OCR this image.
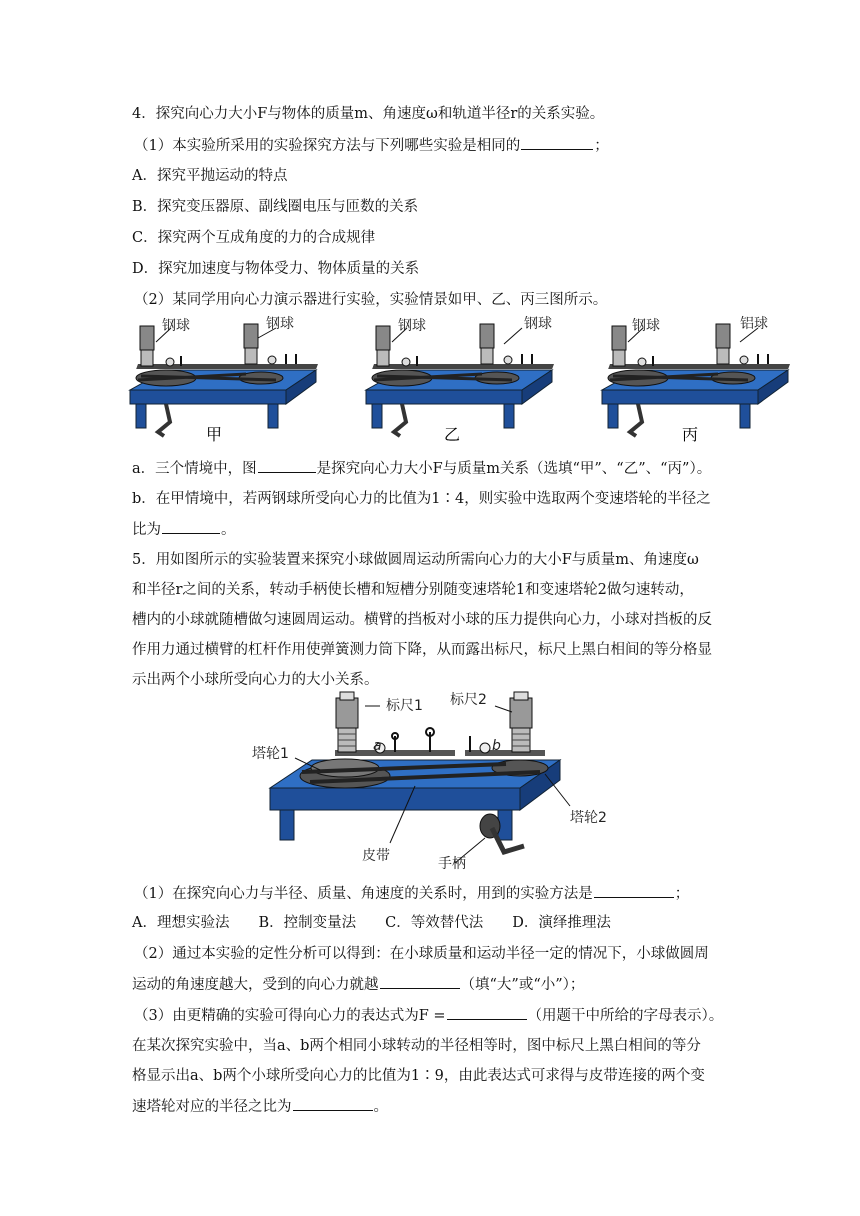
4．探究向心力大小F与物体的质量m、角速度ω和轨道半径r的关系实验。
（1）本实验所采用的实验探究方法与下列哪些实验是相同的	；
A．探究平抛运动的特点
B．探究变压器原、副线圈电压与匝数的关系
C．探究两个互成角度的力的合成规律
D．探究加速度与物体受力、物体质量的关系
（2）某同学用向心力演示器进行实验，实验情景如甲、乙、丙三图所示。
钢球	钢球	钢球	钢球	钢球	铝球
甲	乙	丙
a．三个情境中，图	是探究向心力大小F与质量m关系（选填“甲”、“乙”、“丙”）。
b．在甲情境中，若两钢球所受向心力的比值为1∶4，则实验中选取两个变速塔轮的半径之
比为	。
5．用如图所示的实验装置来探究小球做圆周运动所需向心力的大小F与质量m、角速度ω
和半径r之间的关系，转动手柄使长槽和短槽分别随变速塔轮1和变速塔轮2做匀速转动，
槽内的小球就随槽做匀速圆周运动。横臂的挡板对小球的压力提供向心力，小球对挡板的反
作用力通过横臂的杠杆作用使弹簧测力筒下降，从而露出标尺，标尺上黑白相间的等分格显
示出两个小球所受向心力的大小关系。
标尺1 标尺2
塔轮1
塔轮2
皮带	手柄
a	b
（1）在探究向心力与半径、质量、角速度的关系时，用到的实验方法是	；
A．理想实验法　　B．控制变量法　　C．等效替代法　　D．演绎推理法
（2）通过本实验的定性分析可以得到：在小球质量和运动半径一定的情况下，小球做圆周
运动的角速度越大，受到的向心力就越	（填“大”或“小”）；
（3）由更精确的实验可得向心力的表达式为F =	（用题干中所给的字母表示）。
在某次探究实验中，当a、b两个相同小球转动的半径相等时，图中标尺上黑白相间的等分
格显示出a、b两个小球所受向心力的比值为1∶9，由此表达式可求得与皮带连接的两个变
速塔轮对应的半径之比为	。
